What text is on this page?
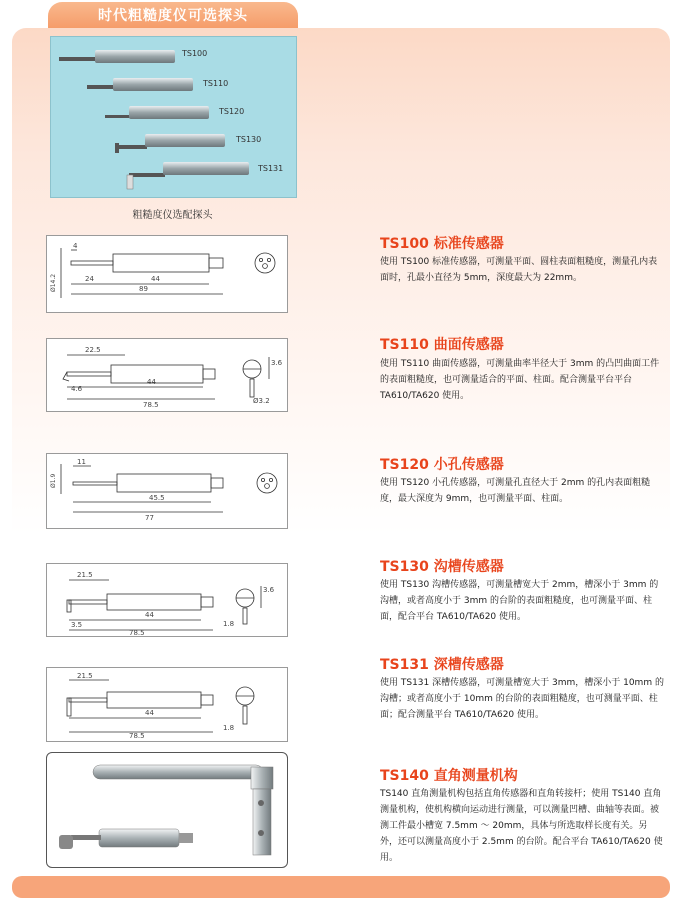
时代粗糙度仪可选探头
TS100
TS110
TS120
TS130
TS131
粗糙度仪选配探头
4
24	44
89
Ø14.2
22.5
4.6
44
78.5
3.6
Ø3.2
11
Ø1.9
45.5
77
21.5
44
3.5
78.5
3.6
1.8
21.5
44
78.5
1.8
TS100 标准传感器
使用 TS100 标准传感器，可测量平面、圆柱表面粗糙度，测量孔内表面时，孔最小直径为 5mm，深度最大为 22mm。
TS110 曲面传感器
使用 TS110 曲面传感器，可测量曲率半径大于 3mm 的凸凹曲面工件的表面粗糙度，也可测量适合的平面、柱面。配合测量平台平台 TA610/TA620 使用。
TS120 小孔传感器
使用 TS120 小孔传感器，可测量孔直径大于 2mm 的孔内表面粗糙度，最大深度为 9mm，也可测量平面、柱面。
TS130 沟槽传感器
使用 TS130 沟槽传感器，可测量槽宽大于 2mm，槽深小于 3mm 的沟槽，或者高度小于 3mm 的台阶的表面粗糙度，也可测量平面、柱面，配合平台 TA610/TA620 使用。
TS131 深槽传感器
使用 TS131 深槽传感器，可测量槽宽大于 3mm，槽深小于 10mm 的沟槽；或者高度小于 10mm 的台阶的表面粗糙度，也可测量平面、柱面；配合测量平台 TA610/TA620 使用。
TS140 直角测量机构
TS140 直角测量机构包括直角传感器和直角转接杆；使用 TS140 直角测量机构，使机构横向运动进行测量，可以测量凹槽、曲轴等表面。被测工件最小槽宽 7.5mm ～ 20mm，具体与所选取样长度有关。另外，还可以测量高度小于 2.5mm 的台阶。配合平台 TA610/TA620 使用。
